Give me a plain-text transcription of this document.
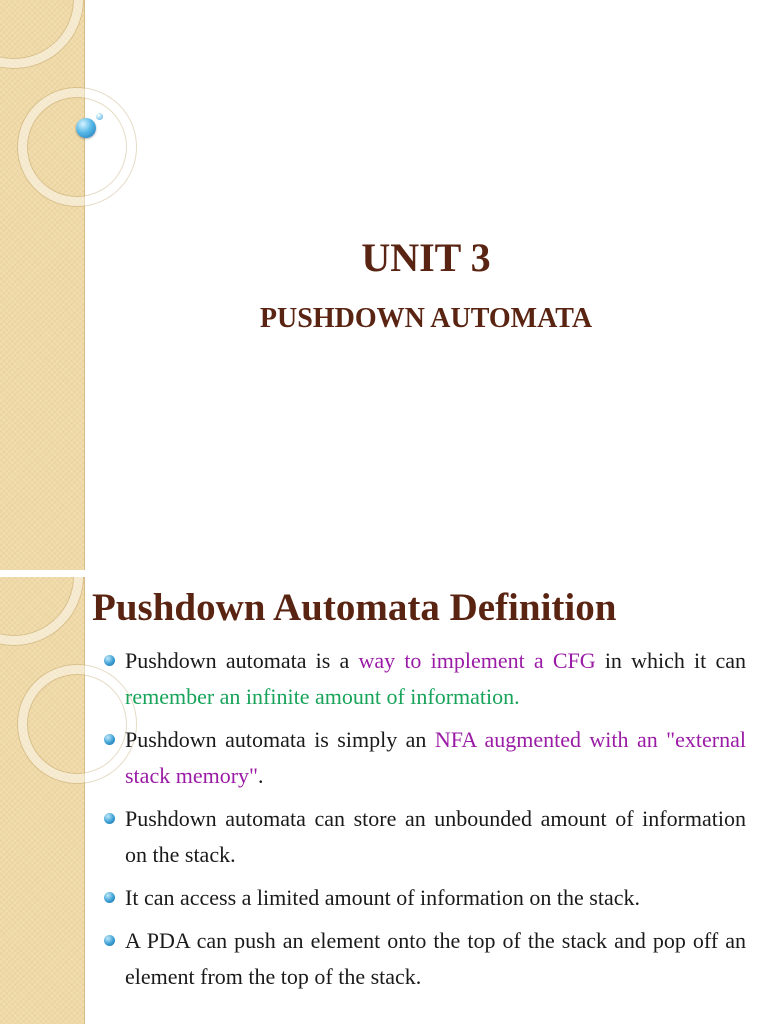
UNIT 3
PUSHDOWN AUTOMATA
Pushdown Automata Definition
Pushdown automata is a way to implement a CFG in which it can remember an infinite amount of information.
Pushdown automata is simply an NFA augmented with an "external stack memory".
Pushdown automata can store an unbounded amount of information on the stack.
It can access a limited amount of information on the stack.
A PDA can push an element onto the top of the stack and pop off an element from the top of the stack.
